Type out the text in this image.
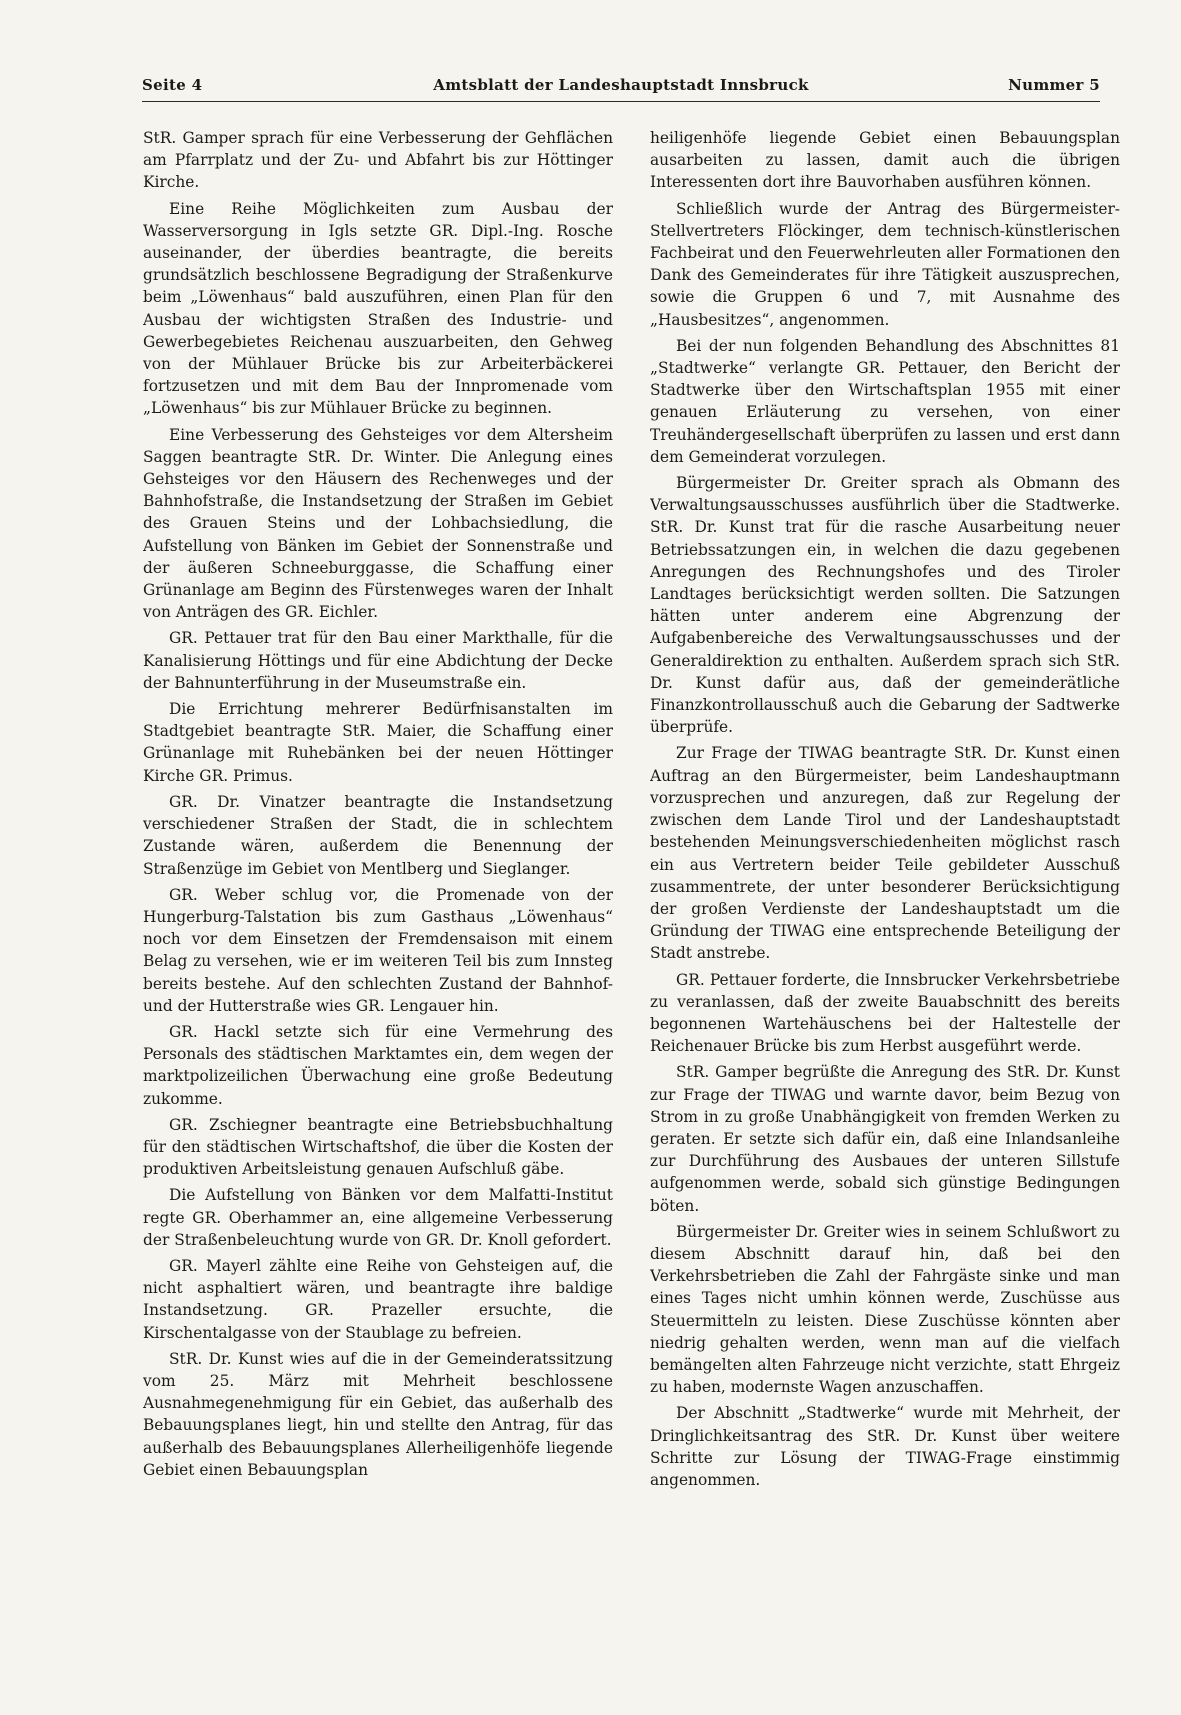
Seite 4	Amtsblatt der Landeshauptstadt Innsbruck	Nummer 5

StR. Gamper sprach für eine Verbesserung der Gehflächen am Pfarrplatz und der Zu- und Abfahrt bis zur Höttinger Kirche.

Eine Reihe Möglichkeiten zum Ausbau der Wasserversorgung in Igls setzte GR. Dipl.-Ing. Rosche auseinander, der überdies beantragte, die bereits grundsätzlich beschlossene Begradigung der Straßenkurve beim „Löwenhaus“ bald auszuführen, einen Plan für den Ausbau der wichtigsten Straßen des Industrie- und Gewerbegebietes Reichenau auszuarbeiten, den Gehweg von der Mühlauer Brücke bis zur Arbeiterbäckerei fortzusetzen und mit dem Bau der Innpromenade vom „Löwenhaus“ bis zur Mühlauer Brücke zu beginnen.

Eine Verbesserung des Gehsteiges vor dem Altersheim Saggen beantragte StR. Dr. Winter. Die Anlegung eines Gehsteiges vor den Häusern des Rechenweges und der Bahnhofstraße, die Instandsetzung der Straßen im Gebiet des Grauen Steins und der Lohbachsiedlung, die Aufstellung von Bänken im Gebiet der Sonnenstraße und der äußeren Schneeburggasse, die Schaffung einer Grünanlage am Beginn des Fürstenweges waren der Inhalt von Anträgen des GR. Eichler.

GR. Pettauer trat für den Bau einer Markthalle, für die Kanalisierung Höttings und für eine Abdichtung der Decke der Bahnunterführung in der Museumstraße ein.

Die Errichtung mehrerer Bedürfnisanstalten im Stadtgebiet beantragte StR. Maier, die Schaffung einer Grünanlage mit Ruhebänken bei der neuen Höttinger Kirche GR. Primus.

GR. Dr. Vinatzer beantragte die Instandsetzung verschiedener Straßen der Stadt, die in schlechtem Zustande wären, außerdem die Benennung der Straßenzüge im Gebiet von Mentlberg und Sieglanger.

GR. Weber schlug vor, die Promenade von der Hungerburg-Talstation bis zum Gasthaus „Löwenhaus“ noch vor dem Einsetzen der Fremdensaison mit einem Belag zu versehen, wie er im weiteren Teil bis zum Innsteg bereits bestehe. Auf den schlechten Zustand der Bahnhof- und der Hutterstraße wies GR. Lengauer hin.

GR. Hackl setzte sich für eine Vermehrung des Personals des städtischen Marktamtes ein, dem wegen der marktpolizeilichen Überwachung eine große Bedeutung zukomme.

GR. Zschiegner beantragte eine Betriebsbuchhaltung für den städtischen Wirtschaftshof, die über die Kosten der produktiven Arbeitsleistung genauen Aufschluß gäbe.

Die Aufstellung von Bänken vor dem Malfatti-Institut regte GR. Oberhammer an, eine allgemeine Verbesserung der Straßenbeleuchtung wurde von GR. Dr. Knoll gefordert.

GR. Mayerl zählte eine Reihe von Gehsteigen auf, die nicht asphaltiert wären, und beantragte ihre baldige Instandsetzung. GR. Prazeller ersuchte, die Kirschentalgasse von der Staublage zu befreien.

StR. Dr. Kunst wies auf die in der Gemeinderatssitzung vom 25. März mit Mehrheit beschlossene Ausnahmegenehmigung für ein Gebiet, das außerhalb des Bebauungsplanes liegt, hin und stellte den Antrag, für das außerhalb des Bebauungsplanes Allerheiligenhöfe liegende Gebiet einen Bebauungsplan

heiligenhöfe liegende Gebiet einen Bebauungsplan ausarbeiten zu lassen, damit auch die übrigen Interessenten dort ihre Bauvorhaben ausführen können.

Schließlich wurde der Antrag des Bürgermeister-Stellvertreters Flöckinger, dem technisch-künstlerischen Fachbeirat und den Feuerwehrleuten aller Formationen den Dank des Gemeinderates für ihre Tätigkeit auszusprechen, sowie die Gruppen 6 und 7, mit Ausnahme des „Hausbesitzes“, angenommen.

Bei der nun folgenden Behandlung des Abschnittes 81 „Stadtwerke“ verlangte GR. Pettauer, den Bericht der Stadtwerke über den Wirtschaftsplan 1955 mit einer genauen Erläuterung zu versehen, von einer Treuhändergesellschaft überprüfen zu lassen und erst dann dem Gemeinderat vorzulegen.

Bürgermeister Dr. Greiter sprach als Obmann des Verwaltungsausschusses ausführlich über die Stadtwerke. StR. Dr. Kunst trat für die rasche Ausarbeitung neuer Betriebssatzungen ein, in welchen die dazu gegebenen Anregungen des Rechnungshofes und des Tiroler Landtages berücksichtigt werden sollten. Die Satzungen hätten unter anderem eine Abgrenzung der Aufgabenbereiche des Verwaltungsausschusses und der Generaldirektion zu enthalten. Außerdem sprach sich StR. Dr. Kunst dafür aus, daß der gemeinderätliche Finanzkontrollausschuß auch die Gebarung der Sadtwerke überprüfe.

Zur Frage der TIWAG beantragte StR. Dr. Kunst einen Auftrag an den Bürgermeister, beim Landeshauptmann vorzusprechen und anzuregen, daß zur Regelung der zwischen dem Lande Tirol und der Landeshauptstadt bestehenden Meinungsverschiedenheiten möglichst rasch ein aus Vertretern beider Teile gebildeter Ausschuß zusammentrete, der unter besonderer Berücksichtigung der großen Verdienste der Landeshauptstadt um die Gründung der TIWAG eine entsprechende Beteiligung der Stadt anstrebe.

GR. Pettauer forderte, die Innsbrucker Verkehrsbetriebe zu veranlassen, daß der zweite Bauabschnitt des bereits begonnenen Wartehäuschens bei der Haltestelle der Reichenauer Brücke bis zum Herbst ausgeführt werde.

StR. Gamper begrüßte die Anregung des StR. Dr. Kunst zur Frage der TIWAG und warnte davor, beim Bezug von Strom in zu große Unabhängigkeit von fremden Werken zu geraten. Er setzte sich dafür ein, daß eine Inlandsanleihe zur Durchführung des Ausbaues der unteren Sillstufe aufgenommen werde, sobald sich günstige Bedingungen böten.

Bürgermeister Dr. Greiter wies in seinem Schlußwort zu diesem Abschnitt darauf hin, daß bei den Verkehrsbetrieben die Zahl der Fahrgäste sinke und man eines Tages nicht umhin können werde, Zuschüsse aus Steuermitteln zu leisten. Diese Zuschüsse könnten aber niedrig gehalten werden, wenn man auf die vielfach bemängelten alten Fahrzeuge nicht verzichte, statt Ehrgeiz zu haben, modernste Wagen anzuschaffen.

Der Abschnitt „Stadtwerke“ wurde mit Mehrheit, der Dringlichkeitsantrag des StR. Dr. Kunst über weitere Schritte zur Lösung der TIWAG-Frage einstimmig angenommen.
